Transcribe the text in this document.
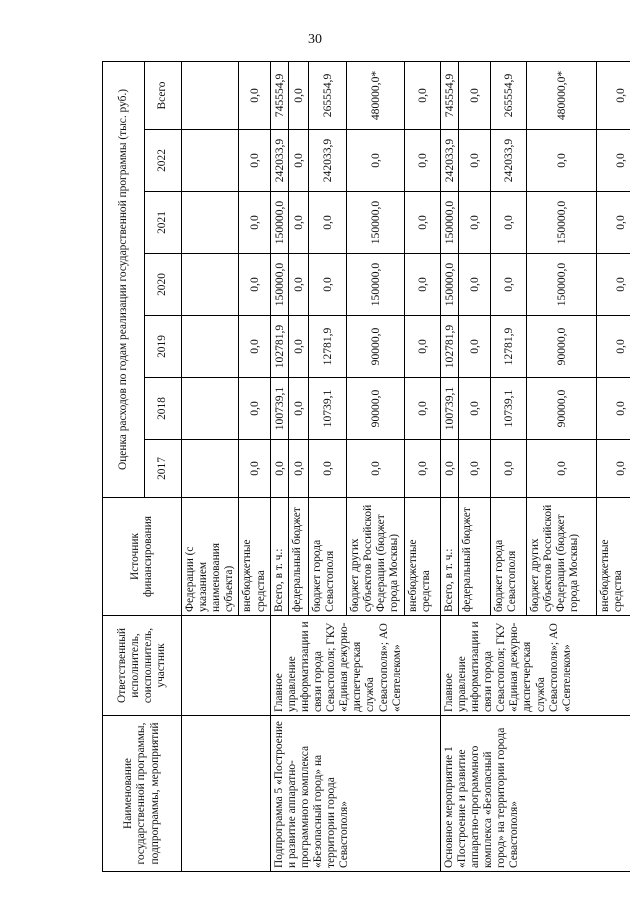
30
Наименование государственной программы, подпрограммы, мероприятий	Ответственный исполнитель, соисполнитель, участник	Источник финансирования	Оценка расходов по годам реализации государственной программы (тыс. руб.)						
			2017	2018	2019	2020	2021	2022	Всего
		Федерации (с указанием наименования субъекта)							
		внебюджетные средства	0,0	0,0	0,0	0,0	0,0	0,0	0,0
Подпрограмма 5 «Построение и развитие аппаратно-программного комплекса «Безопасный город» на территории города Севастополя»	Главное управление информатизации и связи города Севастополя; ГКУ «Единая дежурно-диспетчерская служба Севастополя»; АО «Севтелеком»	Всего, в т. ч.:	0,0	100739,1	102781,9	150000,0	150000,0	242033,9	745554,9
		федеральный бюджет	0,0	0,0	0,0	0,0	0,0	0,0	0,0
		бюджет города Севастополя	0,0	10739,1	12781,9	0,0	0,0	242033,9	265554,9
		бюджет других субъектов Российской Федерации (бюджет города Москвы)	0,0	90000,0	90000,0	150000,0	150000,0	0,0	480000,0*
		внебюджетные средства	0,0	0,0	0,0	0,0	0,0	0,0	0,0
Основное мероприятие 1 «Построение и развитие аппаратно-программного комплекса «Безопасный город» на территории города Севастополя»	Главное управление информатизации и связи города Севастополя; ГКУ «Единая дежурно-диспетчерская служба Севастополя»; АО «Севтелеком»	Всего, в т. ч.:	0,0	100739,1	102781,9	150000,0	150000,0	242033,9	745554,9
		федеральный бюджет	0,0	0,0	0,0	0,0	0,0	0,0	0,0
		бюджет города Севастополя	0,0	10739,1	12781,9	0,0	0,0	242033,9	265554,9
		бюджет других субъектов Российской Федерации (бюджет города Москвы)	0,0	90000,0	90000,0	150000,0	150000,0	0,0	480000,0*
		внебюджетные средства	0,0	0,0	0,0	0,0	0,0	0,0	0,0
